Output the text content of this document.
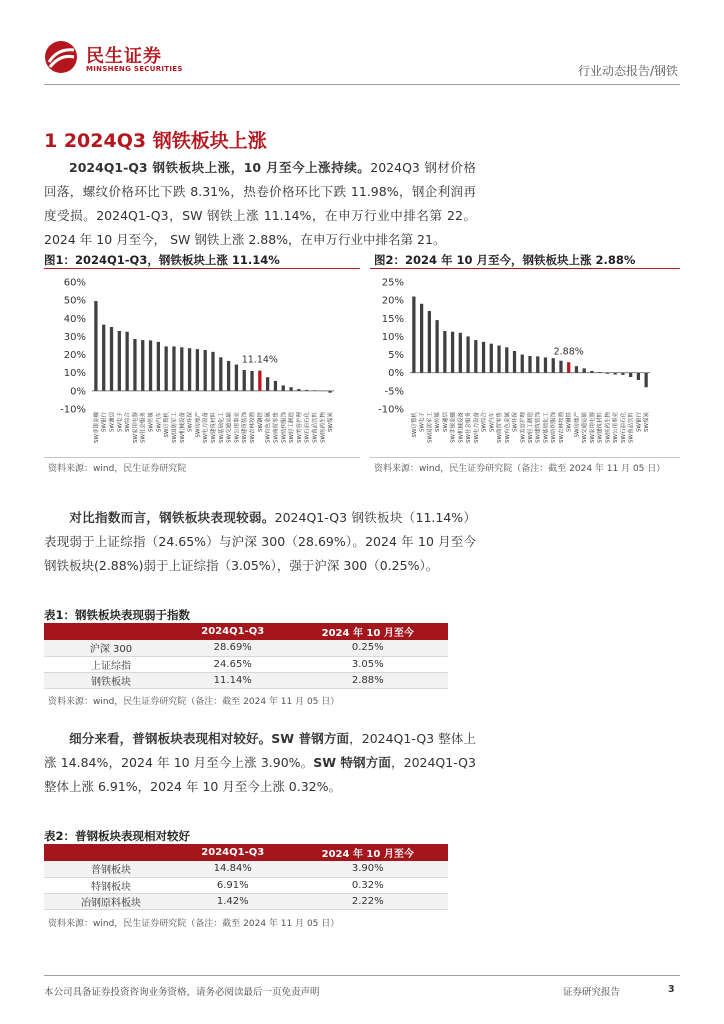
民生证券
MINSHENG SECURITIES	行业动态报告/钢铁
1 2024Q3 钢铁板块上涨
2024Q1-Q3 钢铁板块上涨，10 月至今上涨持续。2024Q3 钢材价格回落，螺纹价格环比下跌 8.31%，热卷价格环比下跌 11.98%，钢企利润再度受损。2024Q1-Q3，SW 钢铁上涨 11.14%，在申万行业中排名第 22。2024 年 10 月至今， SW 钢铁上涨 2.88%，在申万行业中排名第 21。
图1：2024Q1-Q3，钢铁板块上涨 11.14%
-10%
0%
10%
20%
30%
40%
50%
60%
11.14%
SW非银金融 SW银行 SW通信 SW电子 SW综合 SW家用电器 SW社会服务 SW传媒 SW汽车 SW计算机 SW国防军工 SW机械设备 SW环保 SW房地产 SW电力设备 SW建筑材料 SW基础化工 SW交通运输 SW公用事业 SW建筑装饰 SW农林牧渔 SW钢铁 SW有色金属 SW商贸零售 SW纺织服饰 SW轻工制造 SW美容护理 SW石油石化 SW食品饮料 SW医药生物 SW煤炭
资料来源：wind，民生证券研究院
图2：2024 年 10 月至今，钢铁板块上涨 2.88%
-10%
-5%
0%
5%
10%
15%
20%
25%
2.88%
SW计算机 SW电子 SW国防军工 SW传媒 SW通信 SW非银金融 SW机械设备 SW社会服务 SW电力设备 SW综合 SW汽车 SW商贸零售 SW有色金属 SW环保 SW美容护理 SW轻工制造 SW建筑装饰 SW基础化工 SW纺织服饰 SW农林牧渔 SW钢铁 SW房地产 SW交通运输 SW家用电器 SW建筑材料 SW医药生物 SW公用事业 SW石油石化 SW食品饮料 SW银行 SW煤炭
资料来源：wind，民生证券研究院（备注：截至 2024 年 11 月 05 日）
对比指数而言，钢铁板块表现较弱。2024Q1-Q3 钢铁板块（11.14%）表现弱于上证综指（24.65%）与沪深 300（28.69%）。2024 年 10 月至今钢铁板块(2.88%)弱于上证综指（3.05%），强于沪深 300（0.25%）。
表1：钢铁板块表现弱于指数
	2024Q1-Q3	2024 年 10 月至今
沪深 300	28.69%	0.25%
上证综指	24.65%	3.05%
钢铁板块	11.14%	2.88%
资料来源：wind，民生证券研究院（备注：截至 2024 年 11 月 05 日）
细分来看，普钢板块表现相对较好。SW 普钢方面，2024Q1-Q3 整体上涨 14.84%，2024 年 10 月至今上涨 3.90%。SW 特钢方面，2024Q1-Q3 整体上涨 6.91%，2024 年 10 月至今上涨 0.32%。
表2：普钢板块表现相对较好
	2024Q1-Q3	2024 年 10 月至今
普钢板块	14.84%	3.90%
特钢板块	6.91%	0.32%
冶钢原料板块	1.42%	2.22%
资料来源：wind，民生证券研究院（备注：截至 2024 年 11 月 05 日）
本公司具备证券投资咨询业务资格，请务必阅读最后一页免责声明	证券研究报告	3
